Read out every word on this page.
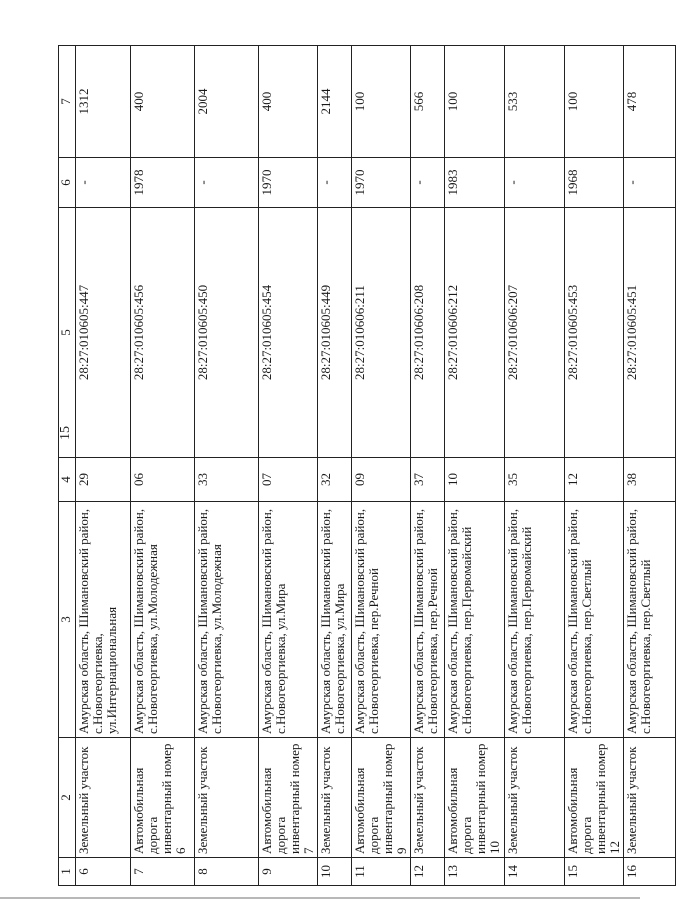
15
1	2	3	4	5	6	7
6	Земельный участок	Амурская область, Шимановский район, с.Новогеоргиевка, ул.Интернациональная	29	28:27:010605:447	-	1312
7	Автомобильная дорога инвентарный номер 6	Амурская область, Шимановский район, с.Новогеоргиевка, ул.Молодежная	06	28:27:010605:456	1978	400
8	Земельный участок	Амурская область, Шимановский район, с.Новогеоргиевка, ул.Молодежная	33	28:27:010605:450	-	2004
9	Автомобильная дорога инвентарный номер 7	Амурская область, Шимановский район, с.Новогеоргиевка, ул.Мира	07	28:27:010605:454	1970	400
10	Земельный участок	Амурская область, Шимановский район, с.Новогеоргиевка, ул.Мира	32	28:27:010605:449	-	2144
11	Автомобильная дорога инвентарный номер 9	Амурская область, Шимановский район, с.Новогеоргиевка, пер.Речной	09	28:27:010606:211	1970	100
12	Земельный участок	Амурская область, Шимановский район, с.Новогеоргиевка, пер.Речной	37	28:27:010606:208	-	566
13	Автомобильная дорога инвентарный номер 10	Амурская область, Шимановский район, с.Новогеоргиевка, пер.Первомайский	10	28:27:010606:212	1983	100
14	Земельный участок	Амурская область, Шимановский район, с.Новогеоргиевка, пер.Первомайский	35	28:27:010606:207	-	533
15	Автомобильная дорога инвентарный номер 12	Амурская область, Шимановский район, с.Новогеоргиевка, пер.Светлый	12	28:27:010605:453	1968	100
16	Земельный участок	Амурская область, Шимановский район, с.Новогеоргиевка, пер.Светлый	38	28:27:010605:451	-	478
